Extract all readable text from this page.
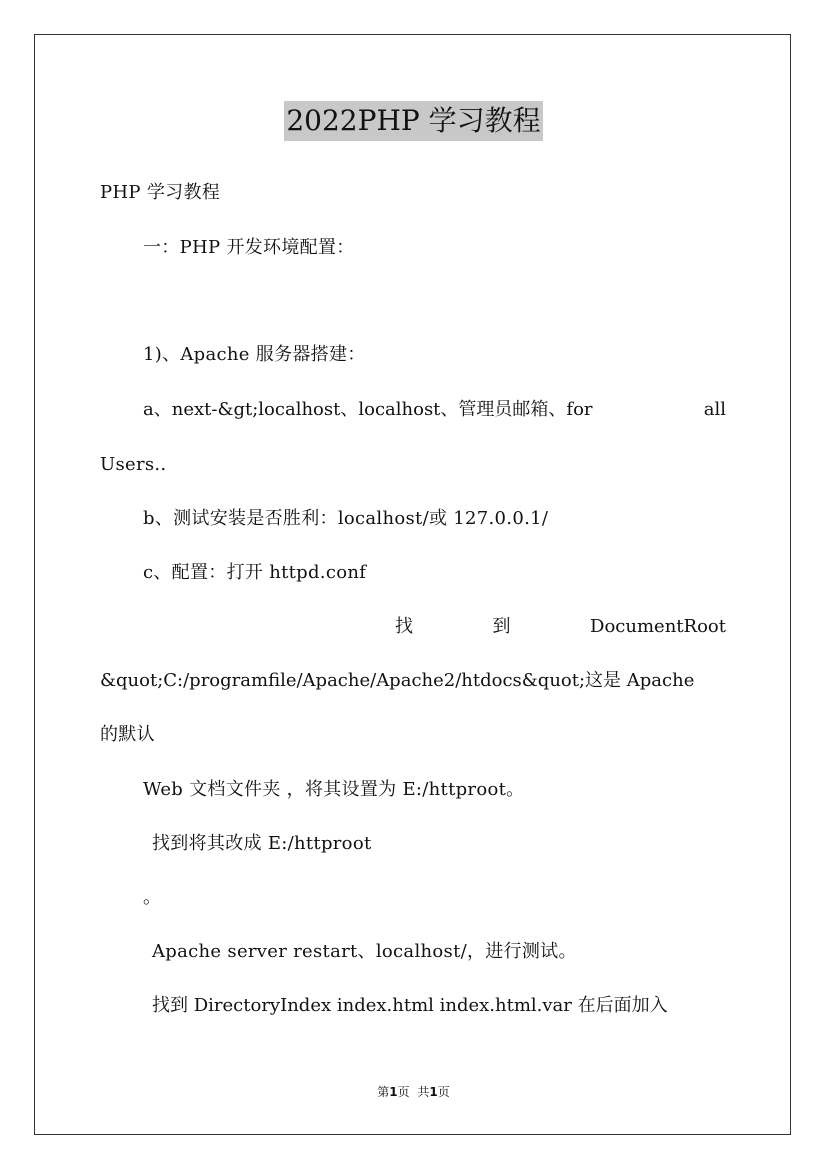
2022PHP 学习教程
PHP 学习教程
一：PHP 开发环境配置：
1)、Apache 服务器搭建：
a、next-&gt;localhost、localhost、管理员邮箱、for	all
Users..
b、测试安装是否胜利：localhost/或 127.0.0.1/
c、配置：打开 httpd.conf
找	到	DocumentRoot
&quot;C:/programfile/Apache/Apache2/htdocs&quot;这是 Apache
的默认
Web 文档文件夹 ，将其设置为 E:/httproot。
找到将其改成 E:/httproot
。
Apache server restart、localhost/，进行测试。
找到 DirectoryIndex index.html index.html.var 在后面加入
第1页 共1页
